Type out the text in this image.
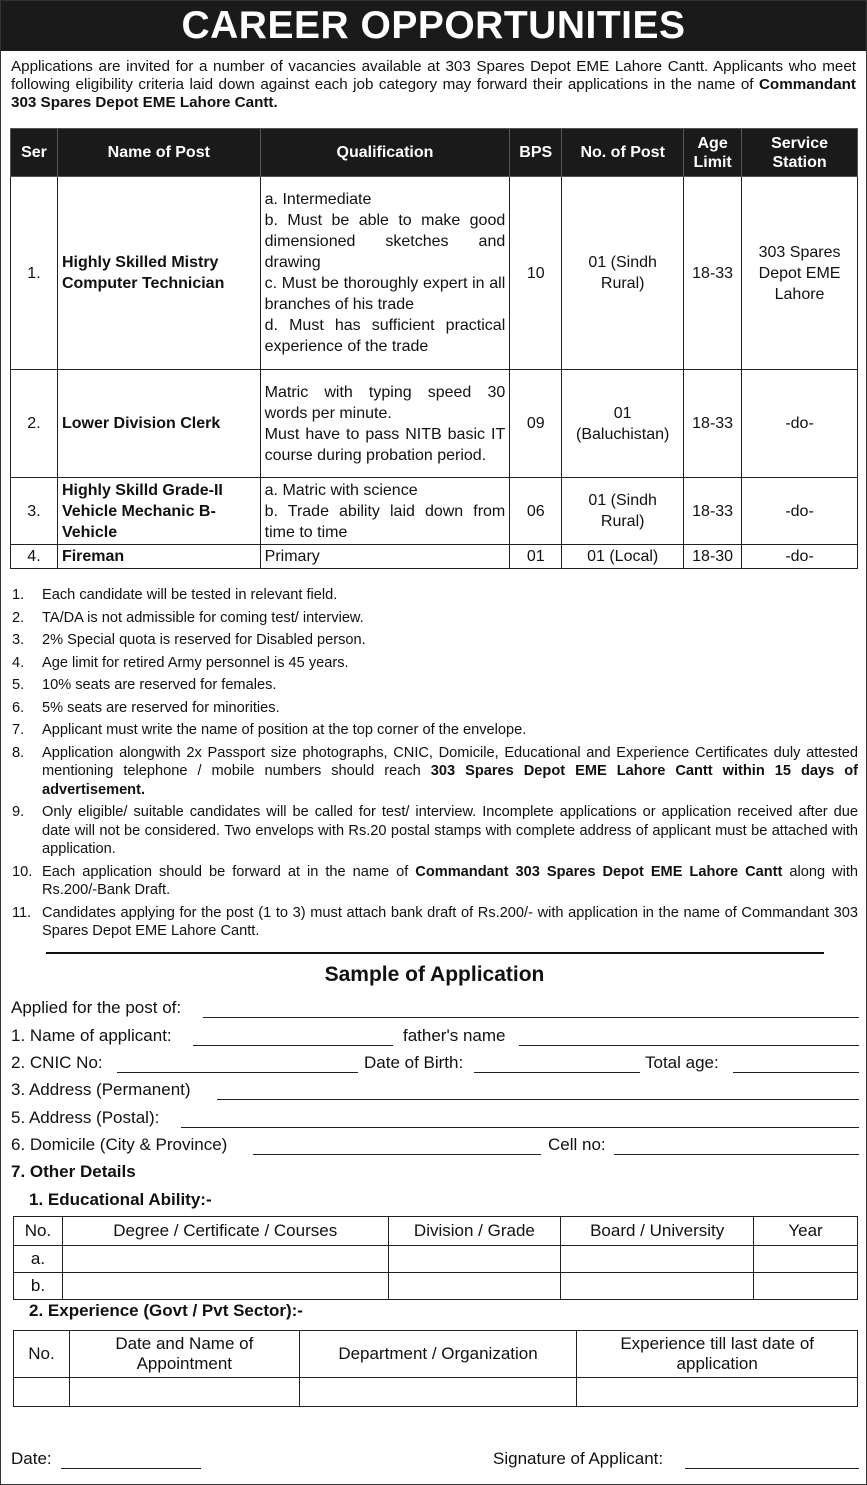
CAREER OPPORTUNITIES
Applications are invited for a number of vacancies available at 303 Spares Depot EME Lahore Cantt. Applicants who meet following eligibility criteria laid down against each job category may forward their applications in the name of Commandant 303 Spares Depot EME Lahore Cantt.
Ser	Name of Post	Qualification	BPS	No. of Post	Age Limit	Service Station
1.	Highly Skilled Mistry Computer Technician	a. Intermediate
b. Must be able to make good dimensioned sketches and drawing
c. Must be thoroughly expert in all branches of his trade
d. Must has sufficient practical experience of the trade	10	01 (Sindh Rural)	18-33	303 Spares Depot EME Lahore
2.	Lower Division Clerk	Matric with typing speed 30 words per minute.
Must have to pass NITB basic IT course during probation period.	09	01 (Baluchistan)	18-33	-do-
3.	Highly Skilld Grade-II Vehicle Mechanic B-Vehicle	a. Matric with science
b. Trade ability laid down from time to time	06	01 (Sindh Rural)	18-33	-do-
4.	Fireman	Primary	01	01 (Local)	18-30	-do-
1. Each candidate will be tested in relevant field.
2. TA/DA is not admissible for coming test/ interview.
3. 2% Special quota is reserved for Disabled person.
4. Age limit for retired Army personnel is 45 years.
5. 10% seats are reserved for females.
6. 5% seats are reserved for minorities.
7. Applicant must write the name of position at the top corner of the envelope.
8. Application alongwith 2x Passport size photographs, CNIC, Domicile, Educational and Experience Certificates duly attested mentioning telephone / mobile numbers should reach 303 Spares Depot EME Lahore Cantt within 15 days of advertisement.
9. Only eligible/ suitable candidates will be called for test/ interview. Incomplete applications or application received after due date will not be considered. Two envelops with Rs.20 postal stamps with complete address of applicant must be attached with application.
10. Each application should be forward at in the name of Commandant 303 Spares Depot EME Lahore Cantt along with Rs.200/-Bank Draft.
11. Candidates applying for the post (1 to 3) must attach bank draft of Rs.200/- with application in the name of Commandant 303 Spares Depot EME Lahore Cantt.
Sample of Application
Applied for the post of:
1. Name of applicant:	father's name
2. CNIC No:	Date of Birth:	Total age:
3. Address (Permanent)
5. Address (Postal):
6. Domicile (City & Province)	Cell no:
7. Other Details
1. Educational Ability:-
No.	Degree / Certificate / Courses	Division / Grade	Board / University	Year
a.				
b.				
2. Experience (Govt / Pvt Sector):-
No.	Date and Name of Appointment	Department / Organization	Experience till last date of application

Date:	Signature of Applicant:
